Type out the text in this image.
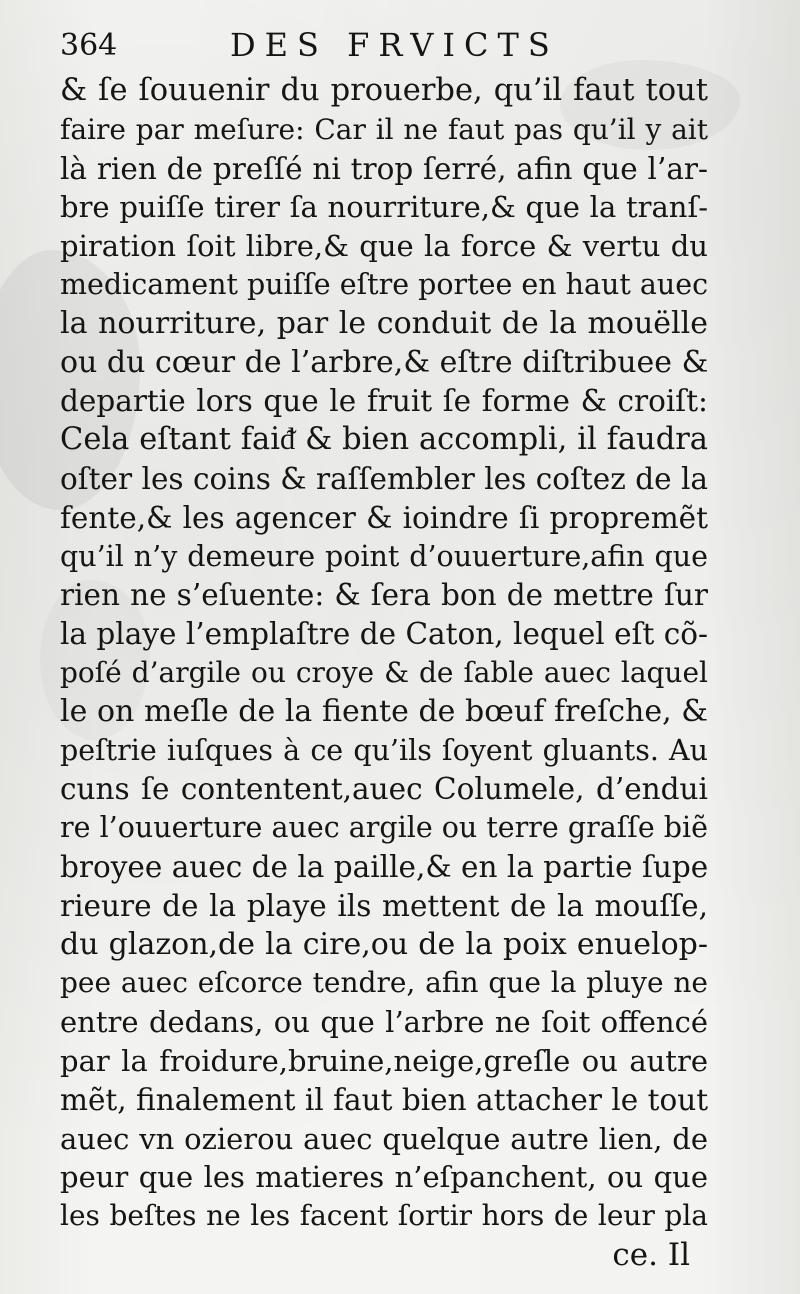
364	DES FRVICTS
& ſe ſouuenir du prouerbe, qu’il faut tout
faire par meſure: Car il ne faut pas qu’il y ait
là rien de preſſé ni trop ſerré, afin que l’ar-
bre puiſſe tirer ſa nourriture,& que la tranſ-
piration ſoit libre,& que la force & vertu du
medicament puiſſe eſtre portee en haut auec
la nourriture, par le conduit de la mouëlle
ou du cœur de l’arbre,& eſtre diſtribuee &
departie lors que le fruit ſe forme & croiſt:
Cela eſtant faiᵭ & bien accompli, il faudra
oſter les coins & raſſembler les coſtez de la
fente,& les agencer & ioindre ſi propremẽt
qu’il n’y demeure point d’ouuerture,afin que
rien ne s’eſuente: & ſera bon de mettre ſur
la playe l’emplaſtre de Caton, lequel eſt cõ-
poſé d’argile ou croye & de ſable auec laquel
le on meſle de la fiente de bœuf freſche, &
peſtrie iuſques à ce qu’ils ſoyent gluants. Au
cuns ſe contentent,auec Columele, d’endui
re l’ouuerture auec argile ou terre graſſe biẽ
broyee auec de la paille,& en la partie ſupe
rieure de la playe ils mettent de la mouſſe,
du glazon,de la cire,ou de la poix enuelop-
pee auec eſcorce tendre, afin que la pluye ne
entre dedans, ou que l’arbre ne ſoit offencé
par la froidure,bruine,neige,greſle ou autre
mẽt, finalement il faut bien attacher le tout
auec vn ozierou auec quelque autre lien, de
peur que les matieres n’eſpanchent, ou que
les beſtes ne les facent ſortir hors de leur pla
ce. Il
